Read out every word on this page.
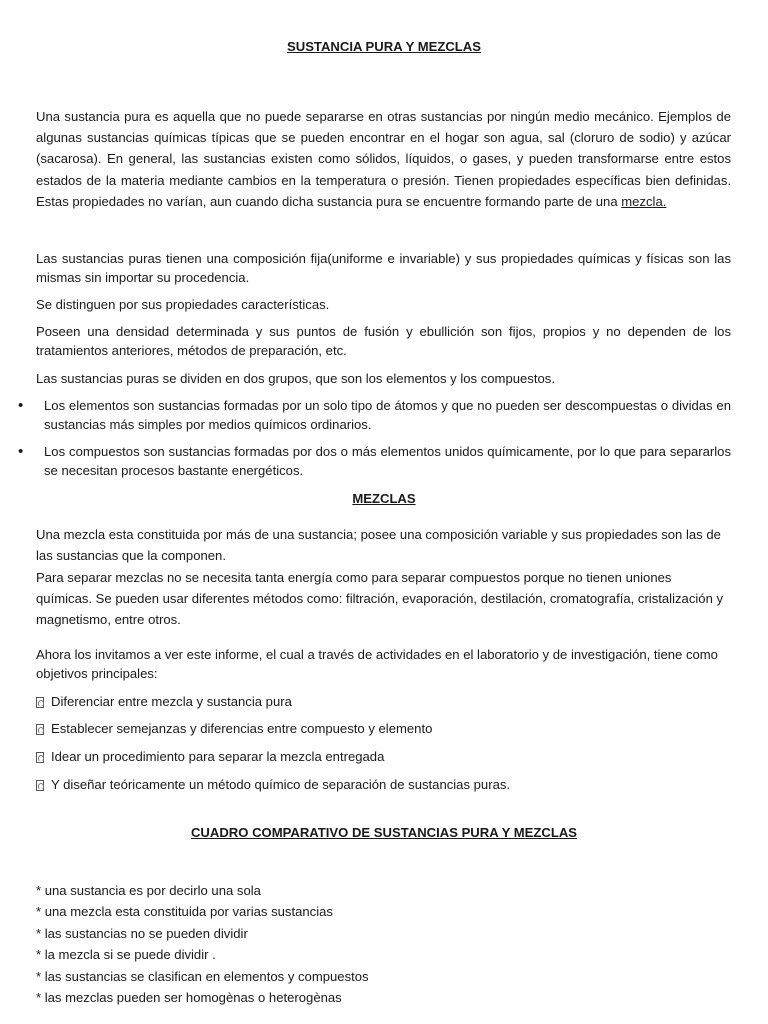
SUSTANCIA PURA Y MEZCLAS

Una sustancia pura es aquella que no puede separarse en otras sustancias por ningún medio mecánico. Ejemplos de algunas sustancias químicas típicas que se pueden encontrar en el hogar son agua, sal (cloruro de sodio) y azúcar (sacarosa). En general, las sustancias existen como sólidos, líquidos, o gases, y pueden transformarse entre estos estados de la materia mediante cambios en la temperatura o presión. Tienen propiedades específicas bien definidas. Estas propiedades no varían, aun cuando dicha sustancia pura se encuentre formando parte de una mezcla.

Las sustancias puras tienen una composición fija(uniforme e invariable) y sus propiedades químicas y físicas son las mismas sin importar su procedencia.

Se distinguen por sus propiedades características.

Poseen una densidad determinada y sus puntos de fusión y ebullición son fijos, propios y no dependen de los tratamientos anteriores, métodos de preparación, etc.

Las sustancias puras se dividen en dos grupos, que son los elementos y los compuestos.

•	Los elementos son sustancias formadas por un solo tipo de átomos y que no pueden ser descompuestas o dividas en sustancias más simples por medios químicos ordinarios.
•	Los compuestos son sustancias formadas por dos o más elementos unidos químicamente, por lo que para separarlos se necesitan procesos bastante energéticos.
MEZCLAS

Una mezcla esta constituida por más de una sustancia; posee una composición variable y sus propiedades son las de las sustancias que la componen.

Para separar mezclas no se necesita tanta energía como para separar compuestos porque no tienen uniones químicas. Se pueden usar diferentes métodos como: filtración, evaporación, destilación, cromatografía, cristalización y magnetismo, entre otros.

Ahora los invitamos a ver este informe, el cual a través de actividades en el laboratorio y de investigación, tiene como objetivos principales:

Diferenciar entre mezcla y sustancia pura
Establecer semejanzas y diferencias entre compuesto y elemento
Idear un procedimiento para separar la mezcla entregada
Y diseñar teóricamente un método químico de separación de sustancias puras.
CUADRO COMPARATIVO DE SUSTANCIAS PURA Y MEZCLAS

* una sustancia es por decirlo una sola

* una mezcla esta constituida por varias sustancias

* las sustancias no se pueden dividir

* la mezcla si se puede dividir .

* las sustancias se clasifican en elementos y compuestos

* las mezclas pueden ser homogènas o heterogènas
